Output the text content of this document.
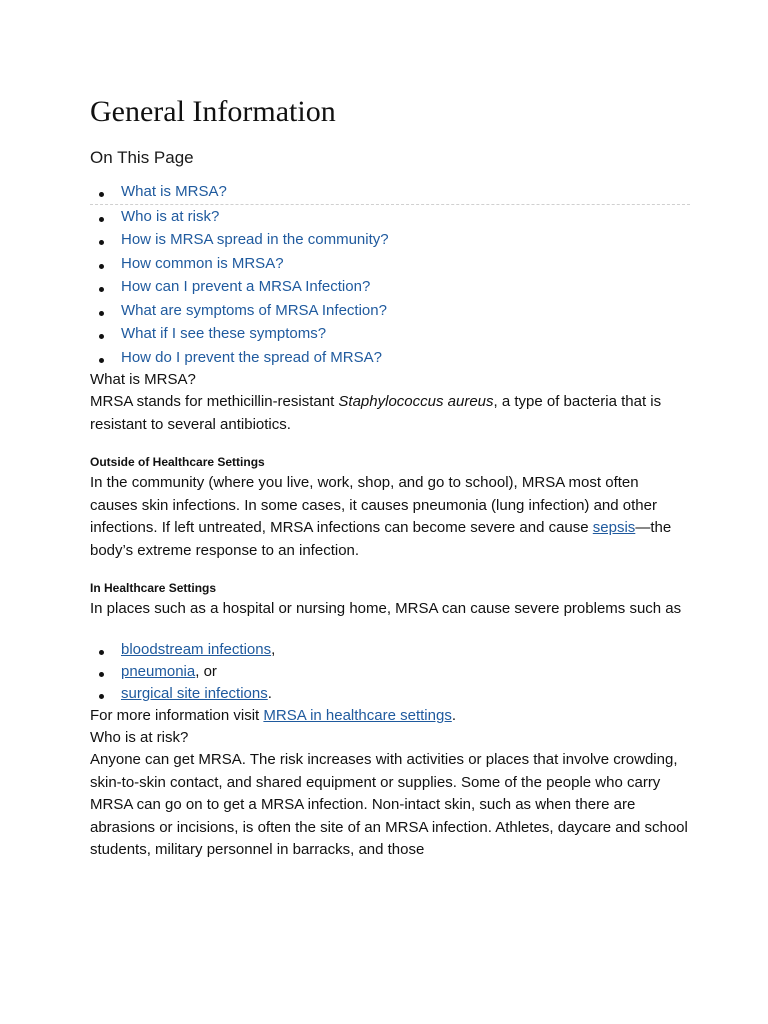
General Information
On This Page
What is MRSA?
Who is at risk?
How is MRSA spread in the community?
How common is MRSA?
How can I prevent a MRSA Infection?
What are symptoms of MRSA Infection?
What if I see these symptoms?
How do I prevent the spread of MRSA?
What is MRSA?

MRSA stands for methicillin-resistant Staphylococcus aureus, a type of bacteria that is resistant to several antibiotics.

Outside of Healthcare Settings

In the community (where you live, work, shop, and go to school), MRSA most often causes skin infections. In some cases, it causes pneumonia (lung infection) and other infections. If left untreated, MRSA infections can become severe and cause sepsis—the body’s extreme response to an infection.

In Healthcare Settings

In places such as a hospital or nursing home, MRSA can cause severe problems such as

bloodstream infections,
pneumonia, or
surgical site infections.

For more information visit MRSA in healthcare settings.

Who is at risk?

Anyone can get MRSA. The risk increases with activities or places that involve crowding, skin-to-skin contact, and shared equipment or supplies. Some of the people who carry MRSA can go on to get a MRSA infection. Non-intact skin, such as when there are abrasions or incisions, is often the site of an MRSA infection. Athletes, daycare and school students, military personnel in barracks, and those
